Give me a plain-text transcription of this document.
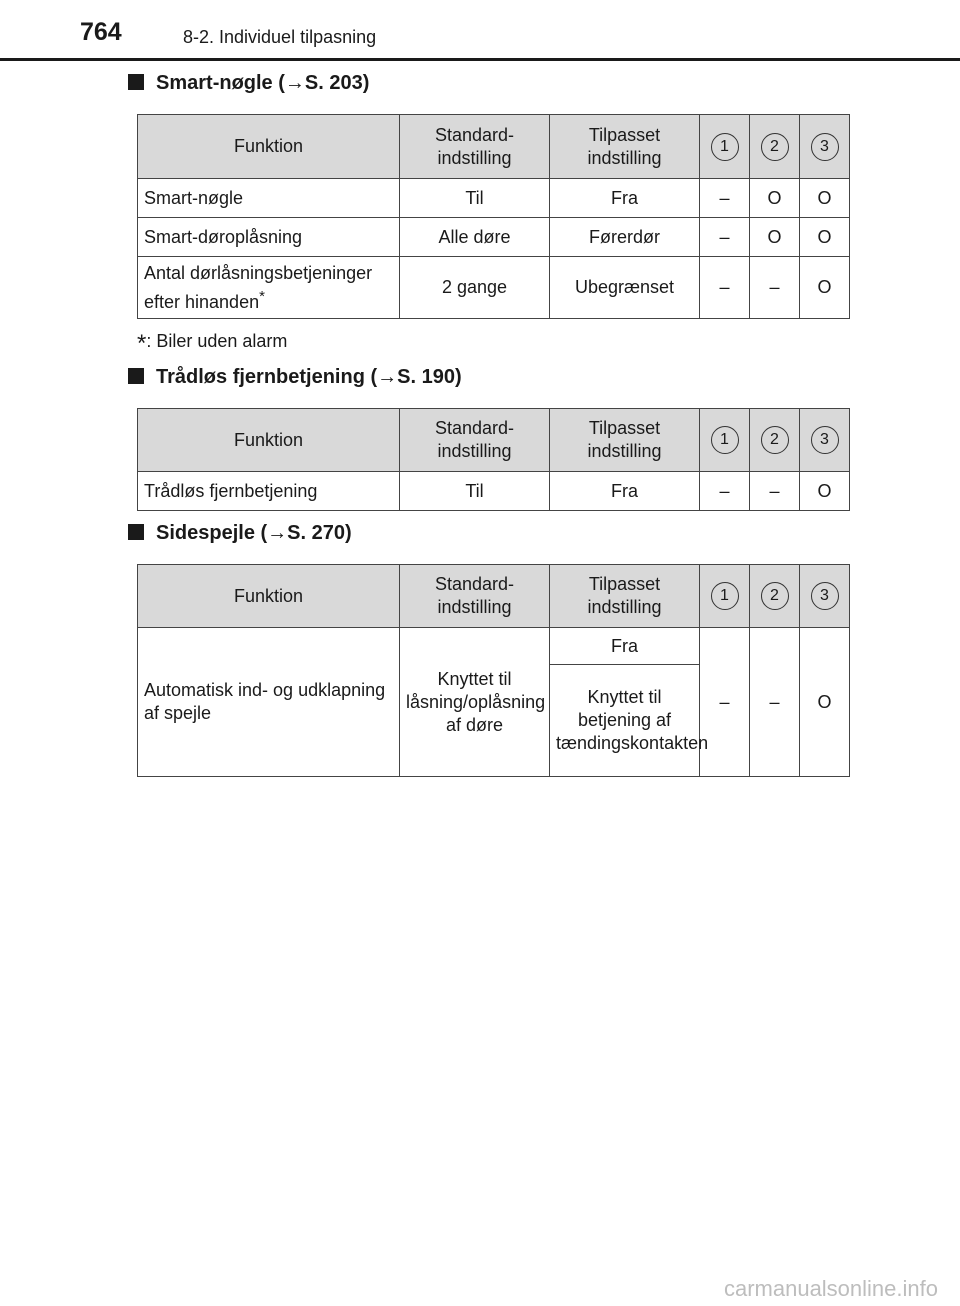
764	8-2. Individuel tilpasning
Smart-nøgle (→S. 203)
Funktion	Standard-indstilling	Tilpasset indstilling	1	2	3
Smart-nøgle	Til	Fra	–	O	O
Smart-døroplåsning	Alle døre	Førerdør	–	O	O
Antal dørlåsningsbetjeninger efter hinanden*	2 gange	Ubegrænset	–	–	O
*: Biler uden alarm
Trådløs fjernbetjening (→S. 190)
Funktion	Standard-indstilling	Tilpasset indstilling	1	2	3
Trådløs fjernbetjening	Til	Fra	–	–	O
Sidespejle (→S. 270)
Funktion	Standard-indstilling	Tilpasset indstilling	1	2	3
Automatisk ind- og udklapning af spejle	Knyttet til låsning/oplåsning af døre	Fra	–	–	O
		Knyttet til betjening af tændingskontakten			
carmanualsonline.info
